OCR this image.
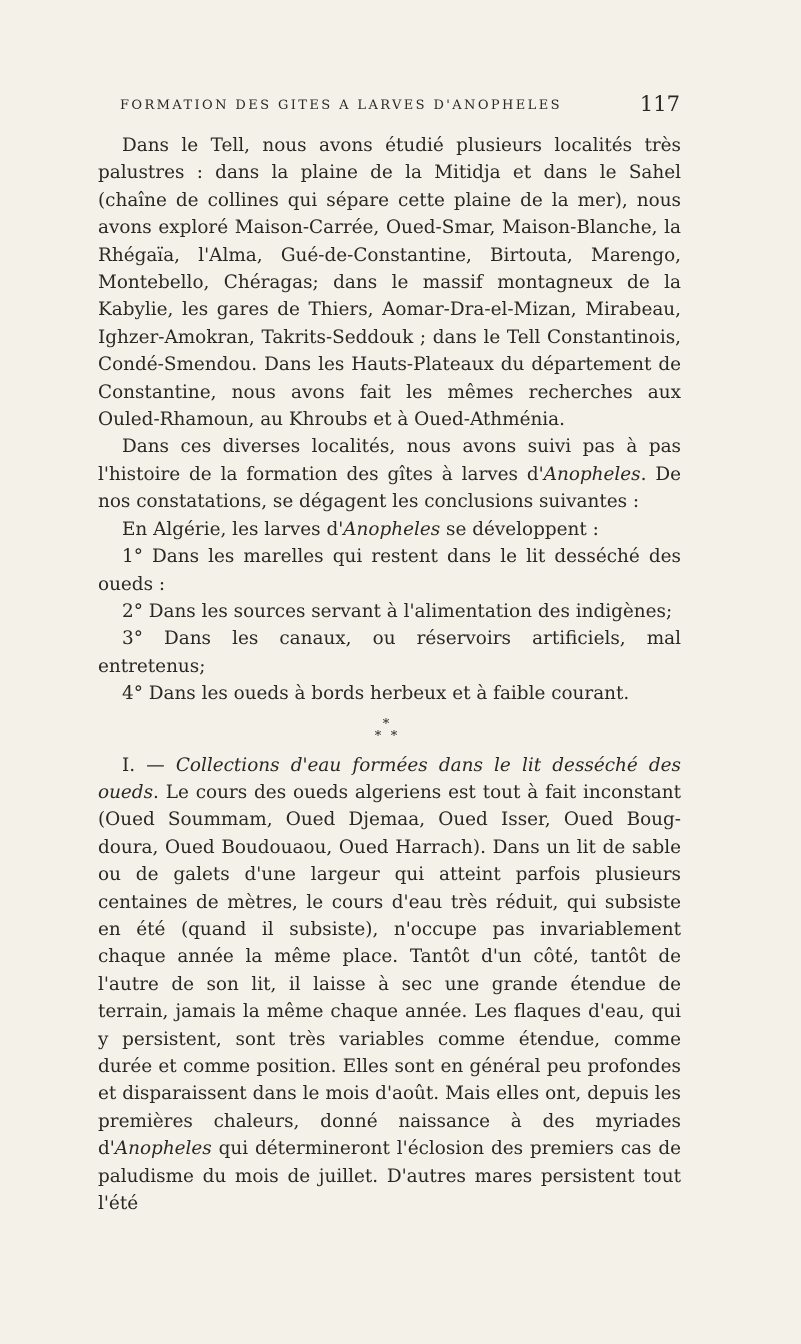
FORMATION DES GITES A LARVES D'ANOPHELES	117

Dans le Tell, nous avons étudié plusieurs localités très palustres : dans la plaine de la Mitidja et dans le Sahel (chaîne de collines qui sépare cette plaine de la mer), nous avons exploré Maison-Carrée, Oued-Smar, Maison-Blanche, la Rhégaïa, l'Alma, Gué-de-Constantine, Birtouta, Marengo, Montebello, Chéragas; dans le massif montagneux de la Kabylie, les gares de Thiers, Aomar-Dra-el-Mizan, Mirabeau, Ighzer-Amokran, Takrits-Seddouk ; dans le Tell Constantinois, Condé-Smendou. Dans les Hauts-Plateaux du département de Constantine, nous avons fait les mêmes recherches aux Ouled-Rhamoun, au Khroubs et à Oued-Athménia.

Dans ces diverses localités, nous avons suivi pas à pas l'histoire de la formation des gîtes à larves d'Anopheles. De nos constatations, se dégagent les conclusions suivantes :

En Algérie, les larves d'Anopheles se développent :

1° Dans les marelles qui restent dans le lit desséché des oueds :

2° Dans les sources servant à l'alimentation des indigènes;

3° Dans les canaux, ou réservoirs artificiels, mal entretenus;

4° Dans les oueds à bords herbeux et à faible courant.

*
* *

I. — Collections d'eau formées dans le lit desséché des oueds. Le cours des oueds algeriens est tout à fait inconstant (Oued Soummam, Oued Djemaa, Oued Isser, Oued Boug-doura, Oued Boudouaou, Oued Harrach). Dans un lit de sable ou de galets d'une largeur qui atteint parfois plusieurs centaines de mètres, le cours d'eau très réduit, qui subsiste en été (quand il subsiste), n'occupe pas invariablement chaque année la même place. Tantôt d'un côté, tantôt de l'autre de son lit, il laisse à sec une grande étendue de terrain, jamais la même chaque année. Les flaques d'eau, qui y persistent, sont très variables comme étendue, comme durée et comme position. Elles sont en général peu profondes et disparaissent dans le mois d'août. Mais elles ont, depuis les premières chaleurs, donné naissance à des myriades d'Anopheles qui détermineront l'éclosion des premiers cas de paludisme du mois de juillet. D'autres mares persistent tout l'été
